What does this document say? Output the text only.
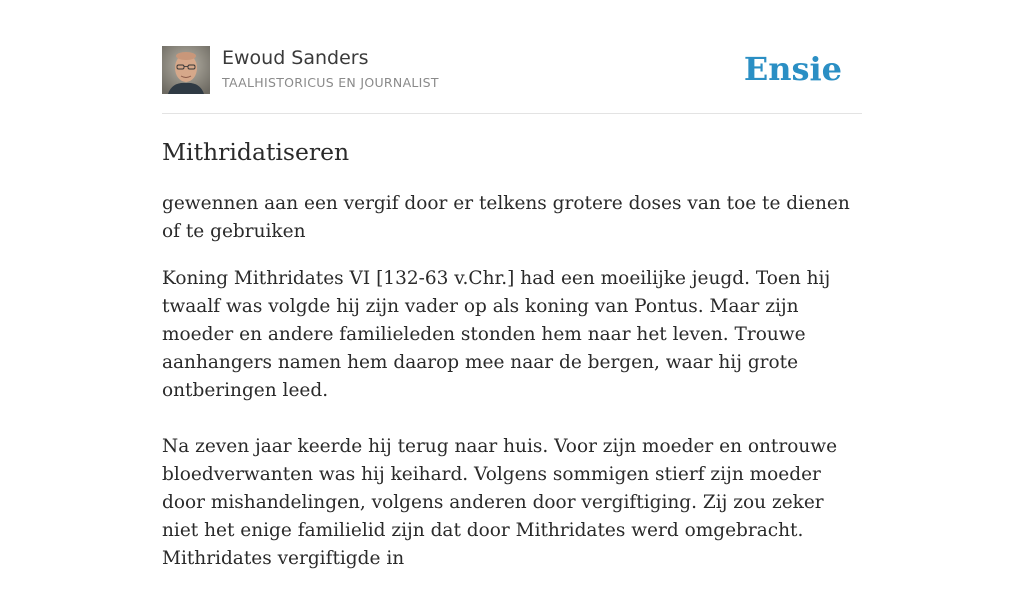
Ewoud Sanders
TAALHISTORICUS EN JOURNALIST	Ensie
Mithridatiseren

gewennen aan een vergif door er telkens grotere doses van toe te dienen of te gebruiken

Koning Mithridates VI [132-63 v.Chr.] had een moeilijke jeugd. Toen hij twaalf was volgde hij zijn vader op als koning van Pontus. Maar zijn moeder en andere familieleden stonden hem naar het leven. Trouwe aanhangers namen hem daarop mee naar de bergen, waar hij grote ontberingen leed.

Na zeven jaar keerde hij terug naar huis. Voor zijn moeder en ontrouwe bloedverwanten was hij keihard. Volgens sommigen stierf zijn moeder door mishandelingen, volgens anderen door vergiftiging. Zij zou zeker niet het enige familielid zijn dat door Mithridates werd omgebracht. Mithridates vergiftigde in
